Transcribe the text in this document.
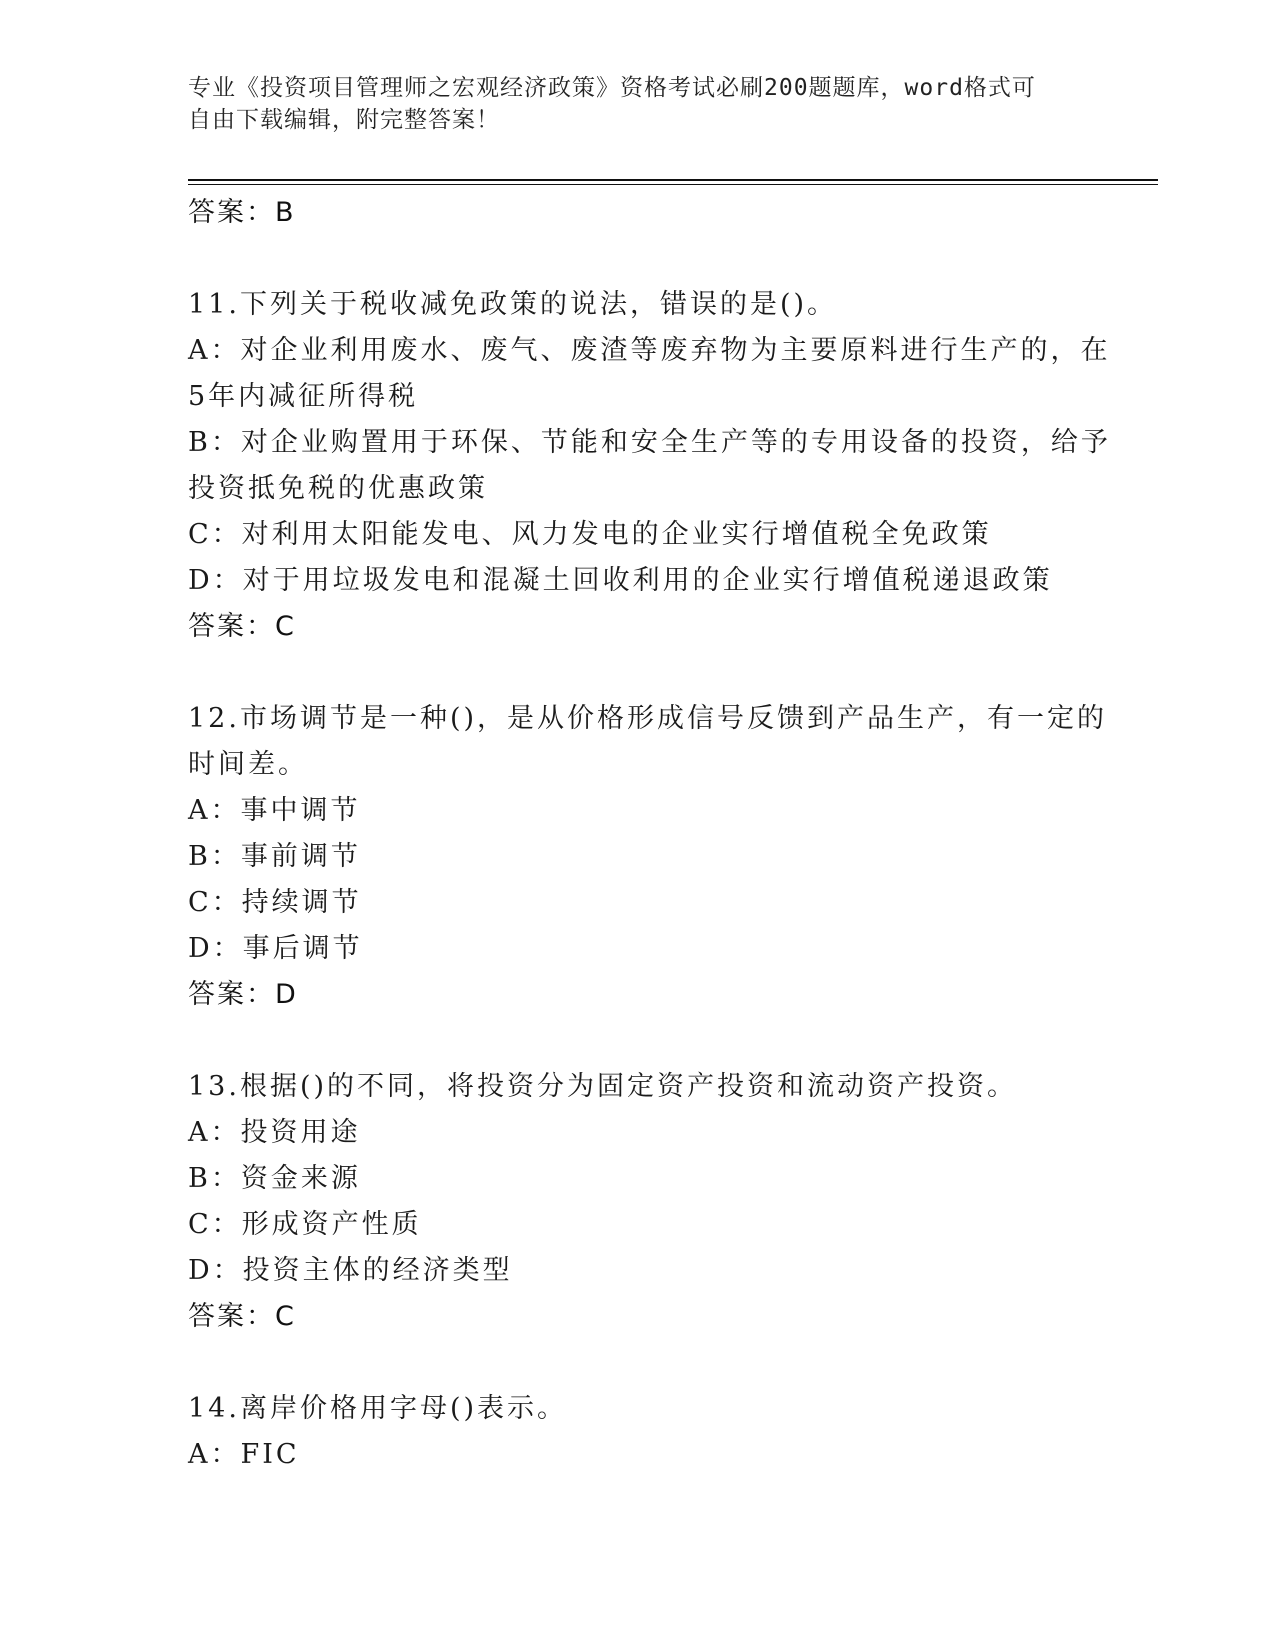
专业《投资项目管理师之宏观经济政策》资格考试必刷200题题库，word格式可
自由下载编辑，附完整答案！
答案：B
11.下列关于税收减免政策的说法，错误的是()。
A：对企业利用废水、废气、废渣等废弃物为主要原料进行生产的，在
5年内减征所得税
B：对企业购置用于环保、节能和安全生产等的专用设备的投资，给予
投资抵免税的优惠政策
C：对利用太阳能发电、风力发电的企业实行增值税全免政策
D：对于用垃圾发电和混凝土回收利用的企业实行增值税递退政策
答案：C
12.市场调节是一种()，是从价格形成信号反馈到产品生产，有一定的
时间差。
A：事中调节
B：事前调节
C：持续调节
D：事后调节
答案：D
13.根据()的不同，将投资分为固定资产投资和流动资产投资。
A：投资用途
B：资金来源
C：形成资产性质
D：投资主体的经济类型
答案：C
14.离岸价格用字母()表示。
A：FIC
